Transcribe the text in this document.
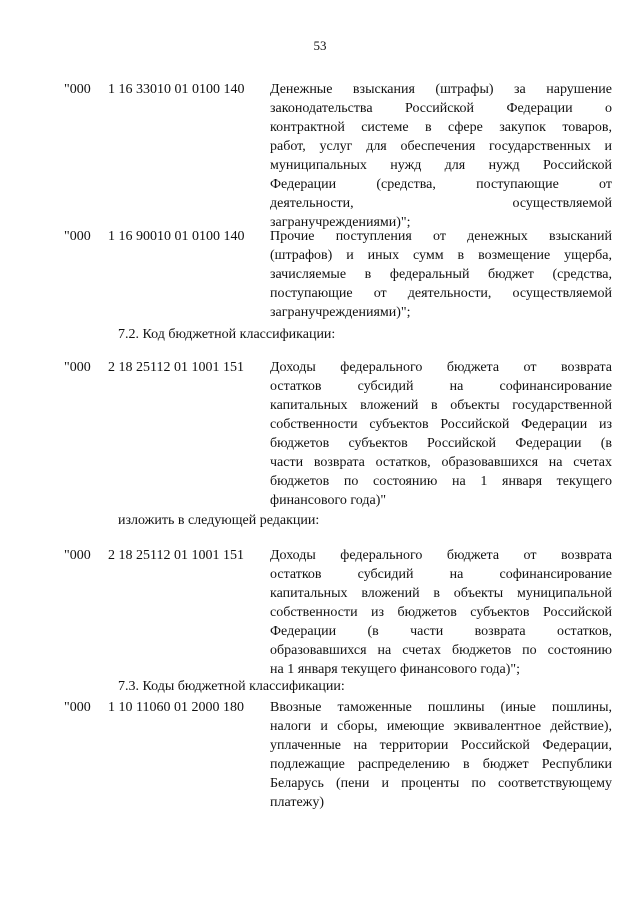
53
"000	1 16 33010 01 0100 140	Денежные взыскания (штрафы) за нарушение
законодательства Российской Федерации о
контрактной системе в сфере закупок товаров,
работ, услуг для обеспечения государственных и
муниципальных нужд для нужд Российской
Федерации (средства, поступающие от
деятельности, осуществляемой
загранучреждениями)";
"000	1 16 90010 01 0100 140	Прочие поступления от денежных взысканий
(штрафов) и иных сумм в возмещение ущерба,
зачисляемые в федеральный бюджет (средства,
поступающие от деятельности, осуществляемой
загранучреждениями)";
7.2. Код бюджетной классификации:
"000	2 18 25112 01 1001 151	Доходы федерального бюджета от возврата
остатков субсидий на софинансирование
капитальных вложений в объекты государственной
собственности субъектов Российской Федерации из
бюджетов субъектов Российской Федерации (в
части возврата остатков, образовавшихся на счетах
бюджетов по состоянию на 1 января текущего
финансового года)"
изложить в следующей редакции:
"000	2 18 25112 01 1001 151	Доходы федерального бюджета от возврата
остатков субсидий на софинансирование
капитальных вложений в объекты муниципальной
собственности из бюджетов субъектов Российской
Федерации (в части возврата остатков,
образовавшихся на счетах бюджетов по состоянию
на 1 января текущего финансового года)";
7.3. Коды бюджетной классификации:
"000	1 10 11060 01 2000 180	Ввозные таможенные пошлины (иные пошлины,
налоги и сборы, имеющие эквивалентное действие),
уплаченные на территории Российской Федерации,
подлежащие распределению в бюджет Республики
Беларусь (пени и проценты по соответствующему
платежу)
